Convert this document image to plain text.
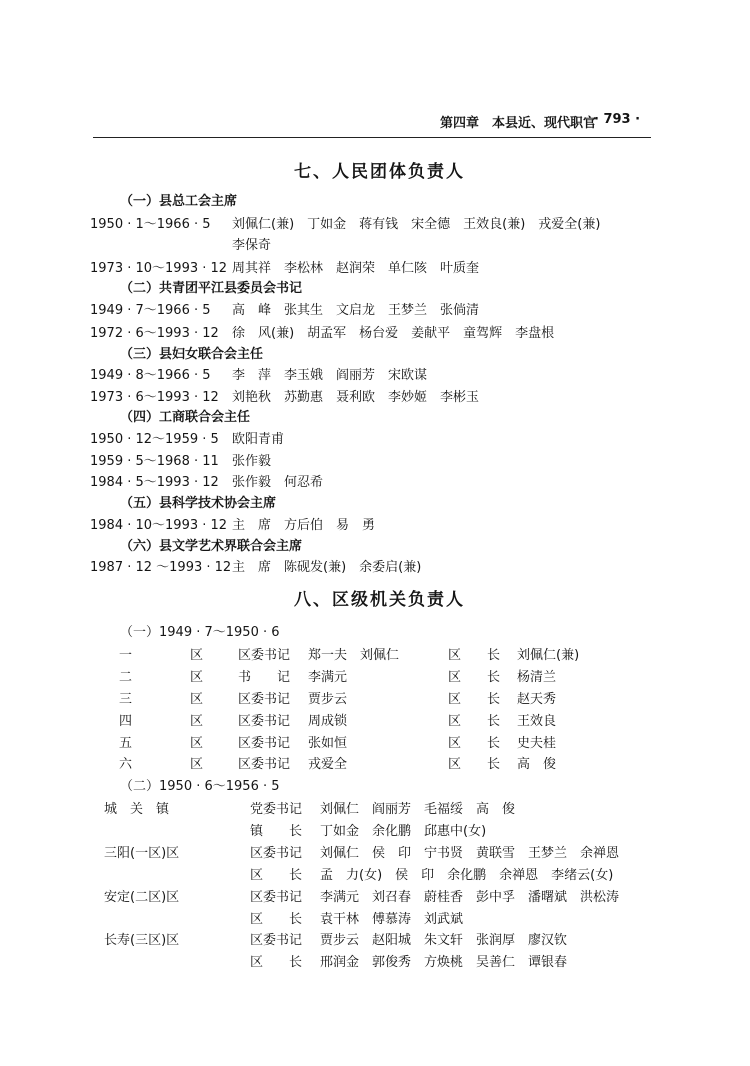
第四章　本县近、现代职官
· 793 ·
七、人民团体负责人
（一）县总工会主席
1950 · 1～1966 · 5 刘佩仁(兼)　丁如金　蒋有钱　宋全德　王效良(兼)　戎爱全(兼)
李保奇
1973 · 10～1993 · 12 周其祥　李松林　赵润荣　单仁陔　叶质奎
（二）共青团平江县委员会书记
1949 · 7～1966 · 5 高　峰　张其生　文启龙　王梦兰　张倘清
1972 · 6～1993 · 12 徐　风(兼)　胡孟军　杨台爱　姜献平　童驾辉　李盘根
（三）县妇女联合会主任
1949 · 8～1966 · 5 李　萍　李玉娥　阎丽芳　宋欧谋
1973 · 6～1993 · 12 刘艳秋　苏勤惠　聂利欧　李妙姬　李彬玉
（四）工商联合会主任
1950 · 12～1959 · 5 欧阳青甫
1959 · 5～1968 · 11 张作毅
1984 · 5～1993 · 12 张作毅　何忍希
（五）县科学技术协会主席
1984 · 10～1993 · 12 主　席　方后伯　易　勇
（六）县文学艺术界联合会主席
1987 · 12 ～1993 · 12 主　席　陈砚发(兼)　余委启(兼)
八、区级机关负责人
（一）1949 · 7～1950 · 6
一	区	区委书记 郑一夫　刘佩仁	区　　长 刘佩仁(兼)
二	区	书　　记 李满元	区　　长 杨清兰
三	区	区委书记 贾步云	区　　长 赵天秀
四	区	区委书记 周成锁	区　　长 王效良
五	区	区委书记 张如恒	区　　长 史夫桂
六	区	区委书记 戎爱全	区　　长 高　俊
（二）1950 · 6～1956 · 5
城　关　镇	党委书记 刘佩仁　阎丽芳　毛福绥　高　俊
镇　　长 丁如金　余化鹏　邱惠中(女)
三阳(一区)区	区委书记 刘佩仁　侯　印　宁书贤　黄联雪　王梦兰　余禅恩
区　　长 孟　力(女)　侯　印　余化鹏　余禅恩　李绪云(女)
安定(二区)区	区委书记 李满元　刘召春　蔚桂香　彭中孚　潘曙斌　洪松涛
区　　长 袁干林　傅慕涛　刘武斌
长寿(三区)区	区委书记 贾步云　赵阳城　朱文轩　张润厚　廖汉钦
区　　长 邢润金　郭俊秀　方焕桃　吴善仁　谭银春
